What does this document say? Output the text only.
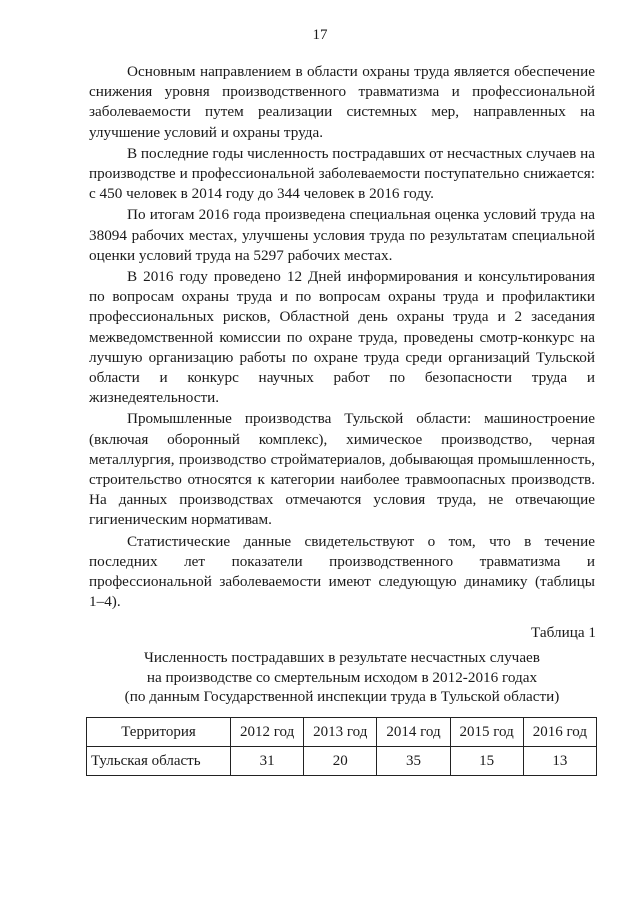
17

Основным направлением в области охраны труда является обеспечение снижения уровня производственного травматизма и профессиональной заболеваемости путем реализации системных мер, направленных на улучшение условий и охраны труда.

В последние годы численность пострадавших от несчастных случаев на производстве и профессиональной заболеваемости поступательно снижается: с 450 человек в 2014 году до 344 человек в 2016 году.

По итогам 2016 года произведена специальная оценка условий труда на 38094 рабочих местах, улучшены условия труда по результатам специальной оценки условий труда на 5297 рабочих местах.

В 2016 году проведено 12 Дней информирования и консультирования по вопросам охраны труда и по вопросам охраны труда и профилактики профессиональных рисков, Областной день охраны труда и 2 заседания межведомственной комиссии по охране труда, проведены смотр-конкурс на лучшую организацию работы по охране труда среди организаций Тульской области и конкурс научных работ по безопасности труда и жизнедеятельности.

Промышленные производства Тульской области: машиностроение (включая оборонный комплекс), химическое производство, черная металлургия, производство стройматериалов, добывающая промышленность, строительство относятся к категории наиболее травмоопасных производств. На данных производствах отмечаются условия труда, не отвечающие гигиеническим нормативам.

Статистические данные свидетельствуют о том, что в течение последних лет показатели производственного травматизма и профессиональной заболеваемости имеют следующую динамику (таблицы 1–4).

Таблица 1
Численность пострадавших в результате несчастных случаев
на производстве со смертельным исходом в 2012-2016 годах
(по данным Государственной инспекции труда в Тульской области)
Территория	2012 год	2013 год	2014 год	2015 год	2016 год
Тульская область	31	20	35	15	13
